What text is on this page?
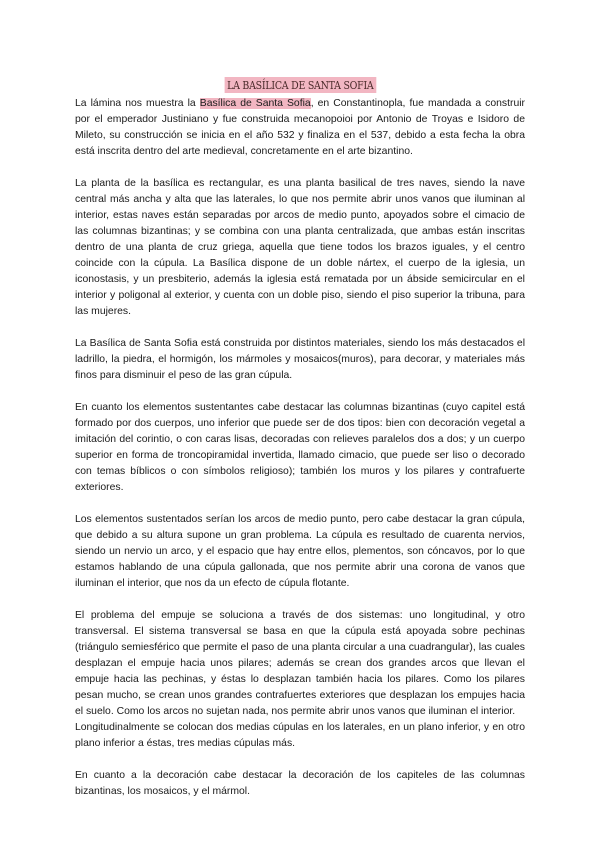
LA BASÍLICA DE SANTA SOFIA

La lámina nos muestra la Basílica de Santa Sofia, en Constantinopla, fue mandada a construir por el emperador Justiniano y fue construida mecanopoioi por Antonio de Troyas e Isidoro de Mileto, su construcción se inicia en el año 532 y finaliza en el 537, debido a esta fecha la obra está inscrita dentro del arte medieval, concretamente en el arte bizantino.

La planta de la basílica es rectangular, es una planta basilical de tres naves, siendo la nave central más ancha y alta que las laterales, lo que nos permite abrir unos vanos que iluminan al interior, estas naves están separadas por arcos de medio punto, apoyados sobre el cimacio de las columnas bizantinas; y se combina con una planta centralizada, que ambas están inscritas dentro de una planta de cruz griega, aquella que tiene todos los brazos iguales, y el centro coincide con la cúpula. La Basílica dispone de un doble nártex, el cuerpo de la iglesia, un iconostasis, y un presbiterio, además la iglesia está rematada por un ábside semicircular en el interior y poligonal al exterior, y cuenta con un doble piso, siendo el piso superior la tribuna, para las mujeres.

La Basílica de Santa Sofia está construida por distintos materiales, siendo los más destacados el ladrillo, la piedra, el hormigón, los mármoles y mosaicos(muros), para decorar, y materiales más finos para disminuir el peso de las gran cúpula.

En cuanto los elementos sustentantes cabe destacar las columnas bizantinas (cuyo capitel está formado por dos cuerpos, uno inferior que puede ser de dos tipos: bien con decoración vegetal a imitación del corintio, o con caras lisas, decoradas con relieves paralelos dos a dos; y un cuerpo superior en forma de troncopiramidal invertida, llamado cimacio, que puede ser liso o decorado con temas bíblicos o con símbolos religioso); también los muros y los pilares y contrafuerte exteriores.

Los elementos sustentados serían los arcos de medio punto, pero cabe destacar la gran cúpula, que debido a su altura supone un gran problema. La cúpula es resultado de cuarenta nervios, siendo un nervio un arco, y el espacio que hay entre ellos, plementos, son cóncavos, por lo que estamos hablando de una cúpula gallonada, que nos permite abrir una corona de vanos que iluminan el interior, que nos da un efecto de cúpula flotante.

El problema del empuje se soluciona a través de dos sistemas: uno longitudinal, y otro transversal. El sistema transversal se basa en que la cúpula está apoyada sobre pechinas (triángulo semiesférico que permite el paso de una planta circular a una cuadrangular), las cuales desplazan el empuje hacia unos pilares; además se crean dos grandes arcos que llevan el empuje hacia las pechinas, y éstas lo desplazan también hacia los pilares. Como los pilares pesan mucho, se crean unos grandes contrafuertes exteriores que desplazan los empujes hacia el suelo. Como los arcos no sujetan nada, nos permite abrir unos vanos que iluminan el interior.
Longitudinalmente se colocan dos medias cúpulas en los laterales, en un plano inferior, y en otro plano inferior a éstas, tres medias cúpulas más.

En cuanto a la decoración cabe destacar la decoración de los capiteles de las columnas bizantinas, los mosaicos, y el mármol.
